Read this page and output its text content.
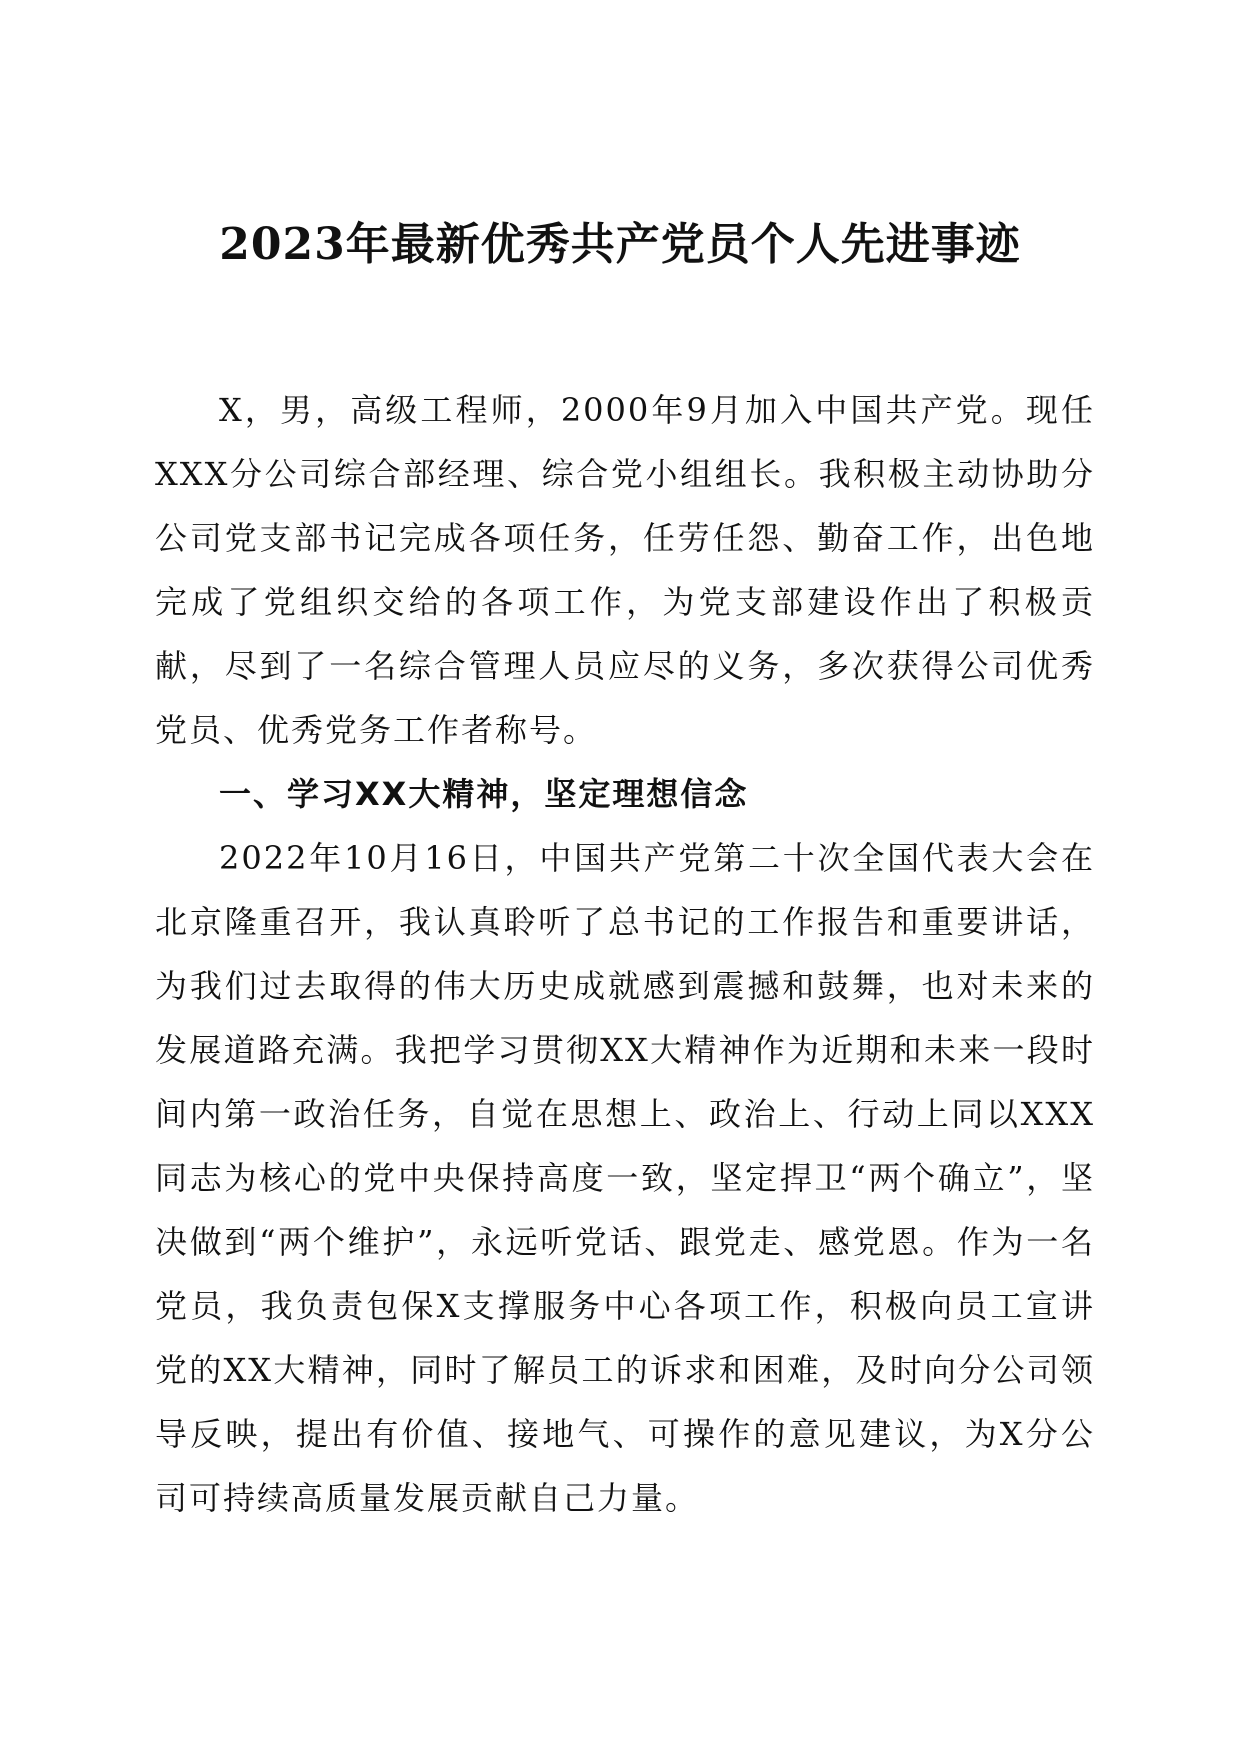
2023年最新优秀共产党员个人先进事迹

X，男，高级工程师，2000年9月加入中国共产党。现任XXX分公司综合部经理、综合党小组组长。我积极主动协助分公司党支部书记完成各项任务，任劳任怨、勤奋工作，出色地完成了党组织交给的各项工作，为党支部建设作出了积极贡献，尽到了一名综合管理人员应尽的义务，多次获得公司优秀党员、优秀党务工作者称号。

一、学习XX大精神，坚定理想信念

2022年10月16日，中国共产党第二十次全国代表大会在北京隆重召开，我认真聆听了总书记的工作报告和重要讲话，为我们过去取得的伟大历史成就感到震撼和鼓舞，也对未来的发展道路充满。我把学习贯彻XX大精神作为近期和未来一段时间内第一政治任务，自觉在思想上、政治上、行动上同以XXX同志为核心的党中央保持高度一致，坚定捍卫“两个确立”，坚决做到“两个维护”，永远听党话、跟党走、感党恩。作为一名党员，我负责包保X支撑服务中心各项工作，积极向员工宣讲党的XX大精神，同时了解员工的诉求和困难，及时向分公司领导反映，提出有价值、接地气、可操作的意见建议，为X分公司可持续高质量发展贡献自己力量。
